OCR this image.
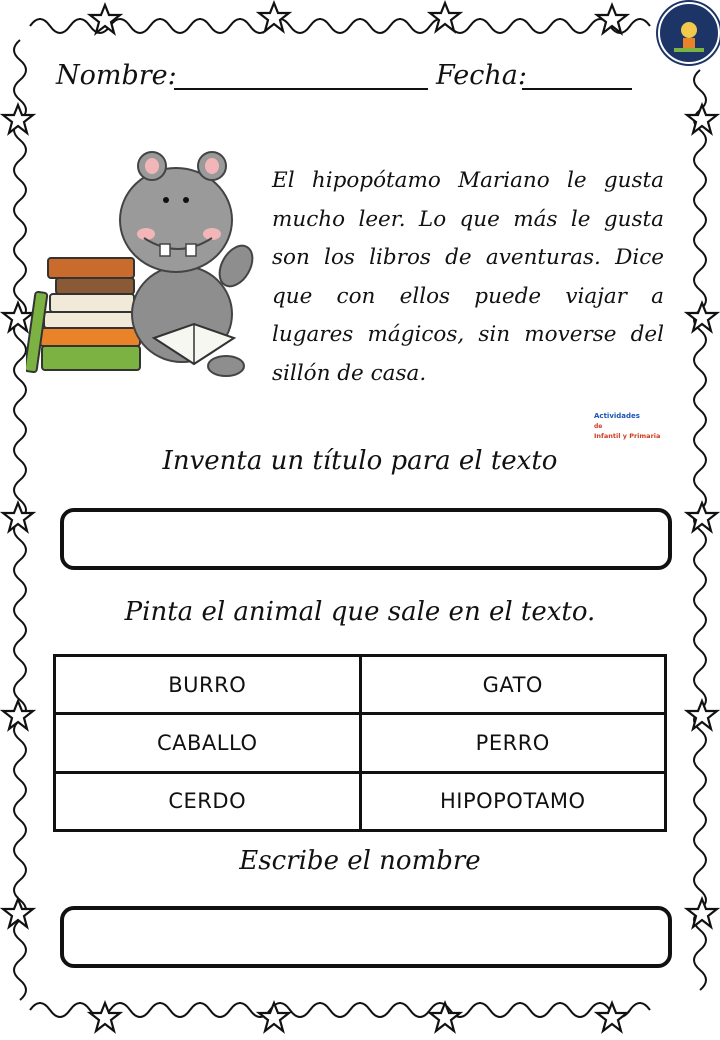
Nombre:	Fecha:
El hipopótamo Mariano le gusta mucho leer. Lo que más le gusta son los libros de aventuras. Dice que con ellos puede viajar a lugares mágicos, sin moverse del sillón de casa.
Actividades
de
Infantil y Primaria
Inventa un título para el texto
Pinta el animal que sale en el texto.
BURRO	GATO
CABALLO	PERRO
CERDO	HIPOPOTAMO
Escribe el nombre
